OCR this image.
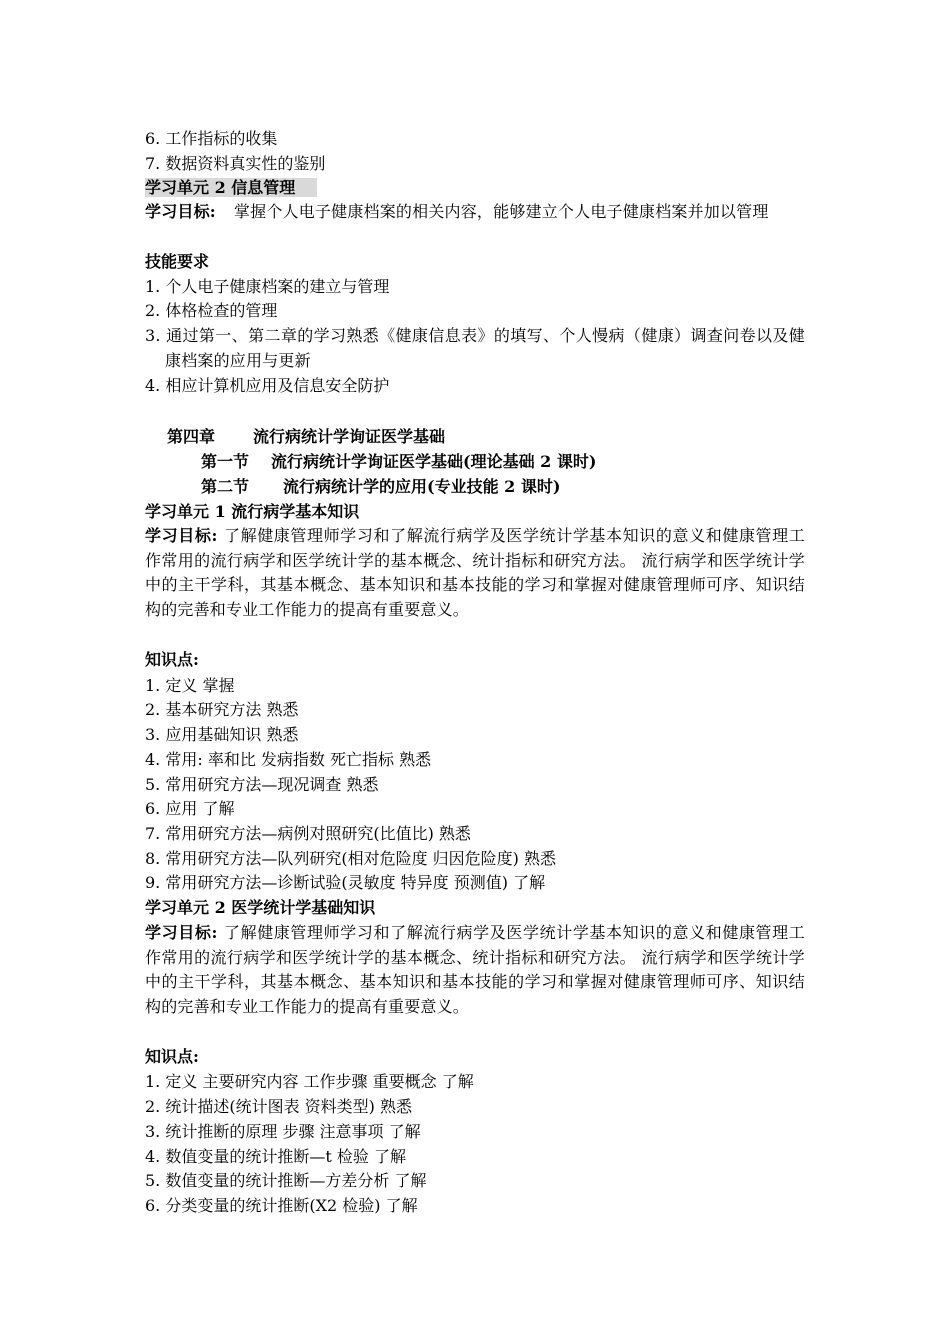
6. 工作指标的收集
7. 数据资料真实性的鉴别
学习单元 2 信息管理
学习目标: 掌握个人电子健康档案的相关内容，能够建立个人电子健康档案并加以管理
技能要求
1. 个人电子健康档案的建立与管理
2. 体格检查的管理
3. 通过第一、第二章的学习熟悉《健康信息表》的填写、个人慢病（健康）调查问卷以及健康档案的应用与更新
4. 相应计算机应用及信息安全防护
第四章 流行病统计学询证医学基础
第一节 流行病统计学询证医学基础(理论基础 2 课时)
第二节 流行病统计学的应用(专业技能 2 课时)
学习单元 1 流行病学基本知识
学习目标: 了解健康管理师学习和了解流行病学及医学统计学基本知识的意义和健康管理工作常用的流行病学和医学统计学的基本概念、统计指标和研究方法。 流行病学和医学统计学中的主干学科，其基本概念、基本知识和基本技能的学习和掌握对健康管理师可序、知识结构的完善和专业工作能力的提高有重要意义。
知识点:
1. 定义 掌握
2. 基本研究方法 熟悉
3. 应用基础知识 熟悉
4. 常用: 率和比 发病指数 死亡指标 熟悉
5. 常用研究方法—现况调查 熟悉
6. 应用 了解
7. 常用研究方法—病例对照研究(比值比) 熟悉
8. 常用研究方法—队列研究(相对危险度 归因危险度) 熟悉
9. 常用研究方法—诊断试验(灵敏度 特异度 预测值) 了解
学习单元 2 医学统计学基础知识
学习目标: 了解健康管理师学习和了解流行病学及医学统计学基本知识的意义和健康管理工作常用的流行病学和医学统计学的基本概念、统计指标和研究方法。 流行病学和医学统计学中的主干学科，其基本概念、基本知识和基本技能的学习和掌握对健康管理师可序、知识结构的完善和专业工作能力的提高有重要意义。
知识点:
1. 定义 主要研究内容 工作步骤 重要概念 了解
2. 统计描述(统计图表 资料类型) 熟悉
3. 统计推断的原理 步骤 注意事项 了解
4. 数值变量的统计推断—t 检验 了解
5. 数值变量的统计推断—方差分析 了解
6. 分类变量的统计推断(X2 检验) 了解
